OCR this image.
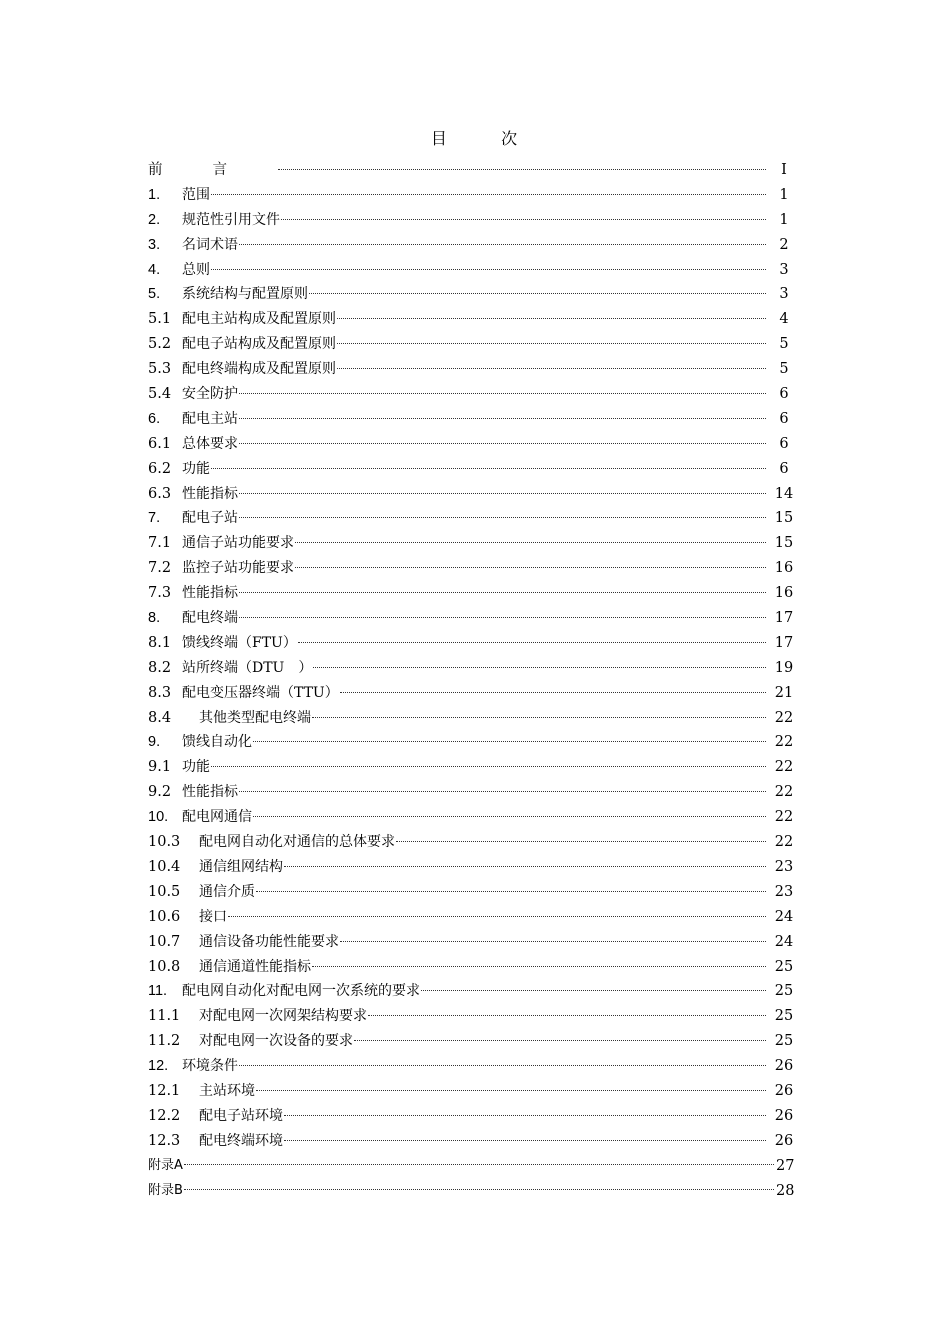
目	次
前言	I
1.	范围	1
2.	规范性引用文件	1
3.	名词术语	2
4.	总则	3
5.	系统结构与配置原则	3
5.1 配电主站构成及配置原则	4
5.2 配电子站构成及配置原则	5
5.3 配电终端构成及配置原则	5
5.4 安全防护	6
6.	配电主站	6
6.1 总体要求	6
6.2 功能	6
6.3 性能指标	14
7.	配电子站	15
7.1 通信子站功能要求	15
7.2 监控子站功能要求	16
7.3 性能指标	16
8.	配电终端	17
8.1 馈线终端（FTU）	17
8.2 站所终端（DTU　）	19
8.3 配电变压器终端（TTU）	21
8.4	其他类型配电终端	22
9.	馈线自动化	22
9.1 功能	22
9.2 性能指标	22
10. 配电网通信	22
10.3	配电网自动化对通信的总体要求	22
10.4	通信组网结构	23
10.5	通信介质	23
10.6	接口	24
10.7	通信设备功能性能要求	24
10.8	通信通道性能指标	25
11.	配电网自动化对配电网一次系统的要求	25
11.1	对配电网一次网架结构要求	25
11.2	对配电网一次设备的要求	25
12. 环境条件	26
12.1	主站环境	26
12.2	配电子站环境	26
12.3	配电终端环境	26
附录A	27
附录B	28
